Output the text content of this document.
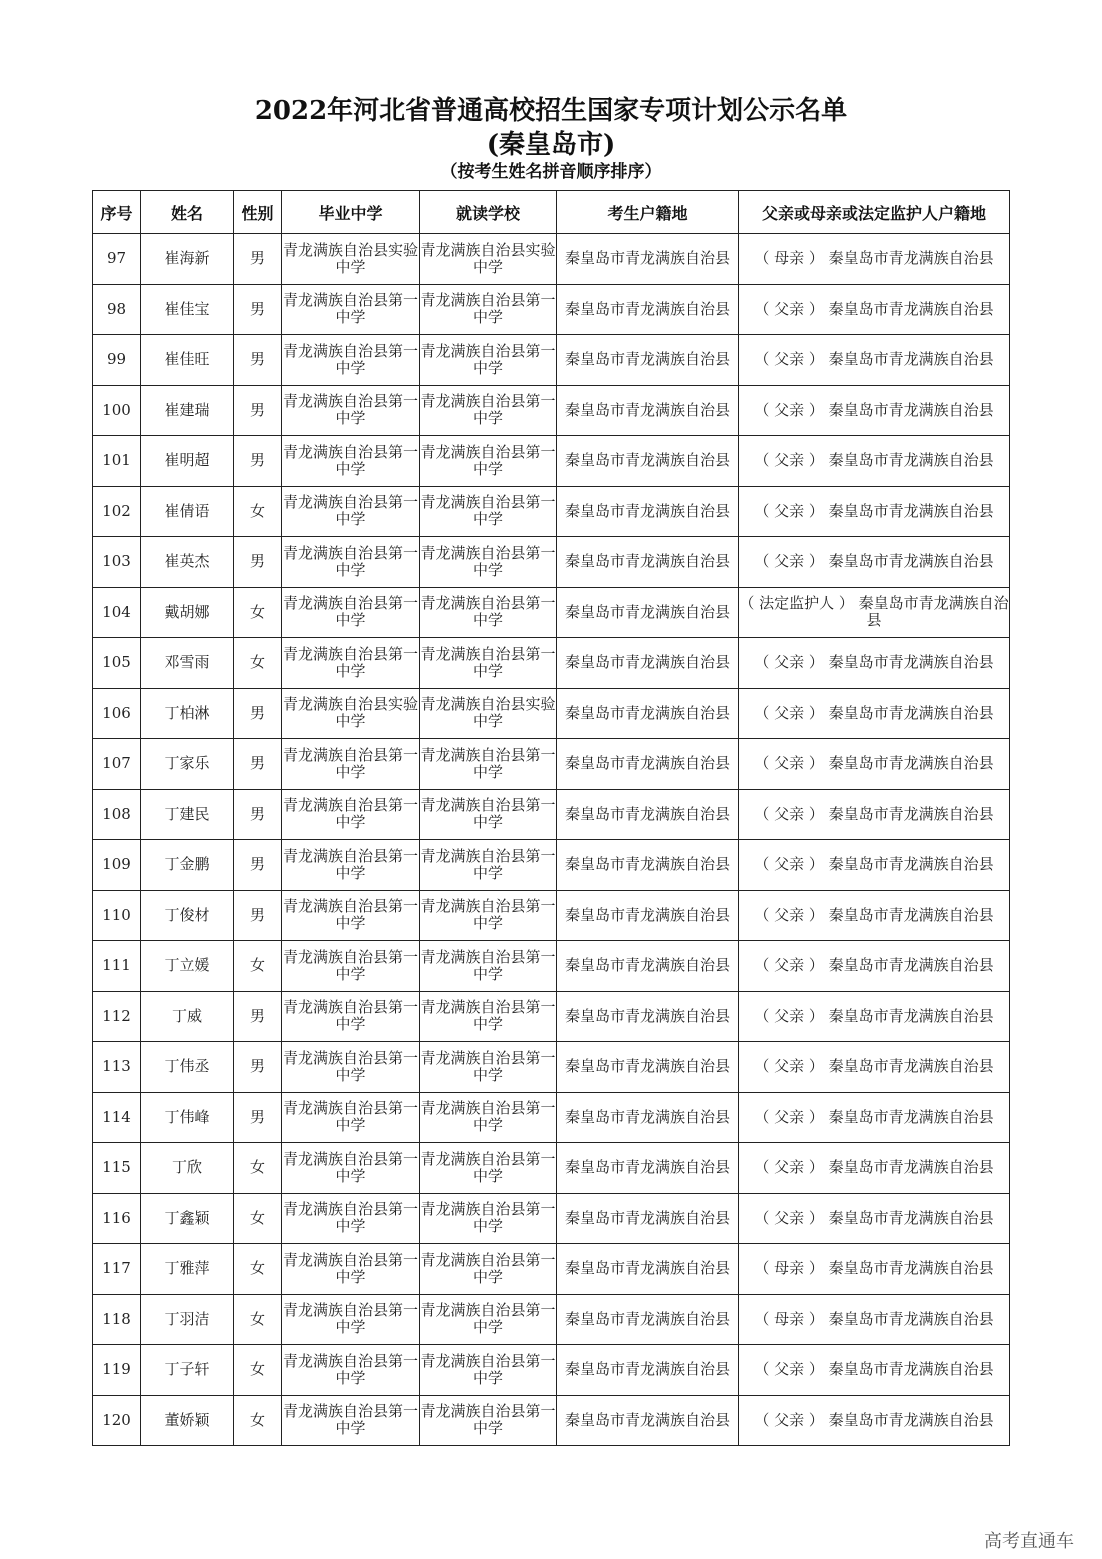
2022年河北省普通高校招生国家专项计划公示名单
(秦皇岛市)
（按考生姓名拼音顺序排序）
序号	姓名	性别	毕业中学	就读学校	考生户籍地	父亲或母亲或法定监护人户籍地
97	崔海新	男	青龙满族自治县实验中学	青龙满族自治县实验中学	秦皇岛市青龙满族自治县	（ 母亲 ） 秦皇岛市青龙满族自治县
98	崔佳宝	男	青龙满族自治县第一中学	青龙满族自治县第一中学	秦皇岛市青龙满族自治县	（ 父亲 ） 秦皇岛市青龙满族自治县
99	崔佳旺	男	青龙满族自治县第一中学	青龙满族自治县第一中学	秦皇岛市青龙满族自治县	（ 父亲 ） 秦皇岛市青龙满族自治县
100	崔建瑞	男	青龙满族自治县第一中学	青龙满族自治县第一中学	秦皇岛市青龙满族自治县	（ 父亲 ） 秦皇岛市青龙满族自治县
101	崔明超	男	青龙满族自治县第一中学	青龙满族自治县第一中学	秦皇岛市青龙满族自治县	（ 父亲 ） 秦皇岛市青龙满族自治县
102	崔倩语	女	青龙满族自治县第一中学	青龙满族自治县第一中学	秦皇岛市青龙满族自治县	（ 父亲 ） 秦皇岛市青龙满族自治县
103	崔英杰	男	青龙满族自治县第一中学	青龙满族自治县第一中学	秦皇岛市青龙满族自治县	（ 父亲 ） 秦皇岛市青龙满族自治县
104	戴胡娜	女	青龙满族自治县第一中学	青龙满族自治县第一中学	秦皇岛市青龙满族自治县	（ 法定监护人 ） 秦皇岛市青龙满族自治县
105	邓雪雨	女	青龙满族自治县第一中学	青龙满族自治县第一中学	秦皇岛市青龙满族自治县	（ 父亲 ） 秦皇岛市青龙满族自治县
106	丁柏淋	男	青龙满族自治县实验中学	青龙满族自治县实验中学	秦皇岛市青龙满族自治县	（ 父亲 ） 秦皇岛市青龙满族自治县
107	丁家乐	男	青龙满族自治县第一中学	青龙满族自治县第一中学	秦皇岛市青龙满族自治县	（ 父亲 ） 秦皇岛市青龙满族自治县
108	丁建民	男	青龙满族自治县第一中学	青龙满族自治县第一中学	秦皇岛市青龙满族自治县	（ 父亲 ） 秦皇岛市青龙满族自治县
109	丁金鹏	男	青龙满族自治县第一中学	青龙满族自治县第一中学	秦皇岛市青龙满族自治县	（ 父亲 ） 秦皇岛市青龙满族自治县
110	丁俊材	男	青龙满族自治县第一中学	青龙满族自治县第一中学	秦皇岛市青龙满族自治县	（ 父亲 ） 秦皇岛市青龙满族自治县
111	丁立媛	女	青龙满族自治县第一中学	青龙满族自治县第一中学	秦皇岛市青龙满族自治县	（ 父亲 ） 秦皇岛市青龙满族自治县
112	丁威	男	青龙满族自治县第一中学	青龙满族自治县第一中学	秦皇岛市青龙满族自治县	（ 父亲 ） 秦皇岛市青龙满族自治县
113	丁伟丞	男	青龙满族自治县第一中学	青龙满族自治县第一中学	秦皇岛市青龙满族自治县	（ 父亲 ） 秦皇岛市青龙满族自治县
114	丁伟峰	男	青龙满族自治县第一中学	青龙满族自治县第一中学	秦皇岛市青龙满族自治县	（ 父亲 ） 秦皇岛市青龙满族自治县
115	丁欣	女	青龙满族自治县第一中学	青龙满族自治县第一中学	秦皇岛市青龙满族自治县	（ 父亲 ） 秦皇岛市青龙满族自治县
116	丁鑫颖	女	青龙满族自治县第一中学	青龙满族自治县第一中学	秦皇岛市青龙满族自治县	（ 父亲 ） 秦皇岛市青龙满族自治县
117	丁雅萍	女	青龙满族自治县第一中学	青龙满族自治县第一中学	秦皇岛市青龙满族自治县	（ 母亲 ） 秦皇岛市青龙满族自治县
118	丁羽洁	女	青龙满族自治县第一中学	青龙满族自治县第一中学	秦皇岛市青龙满族自治县	（ 母亲 ） 秦皇岛市青龙满族自治县
119	丁子轩	女	青龙满族自治县第一中学	青龙满族自治县第一中学	秦皇岛市青龙满族自治县	（ 父亲 ） 秦皇岛市青龙满族自治县
120	董娇颖	女	青龙满族自治县第一中学	青龙满族自治县第一中学	秦皇岛市青龙满族自治县	（ 父亲 ） 秦皇岛市青龙满族自治县
高考直通车
